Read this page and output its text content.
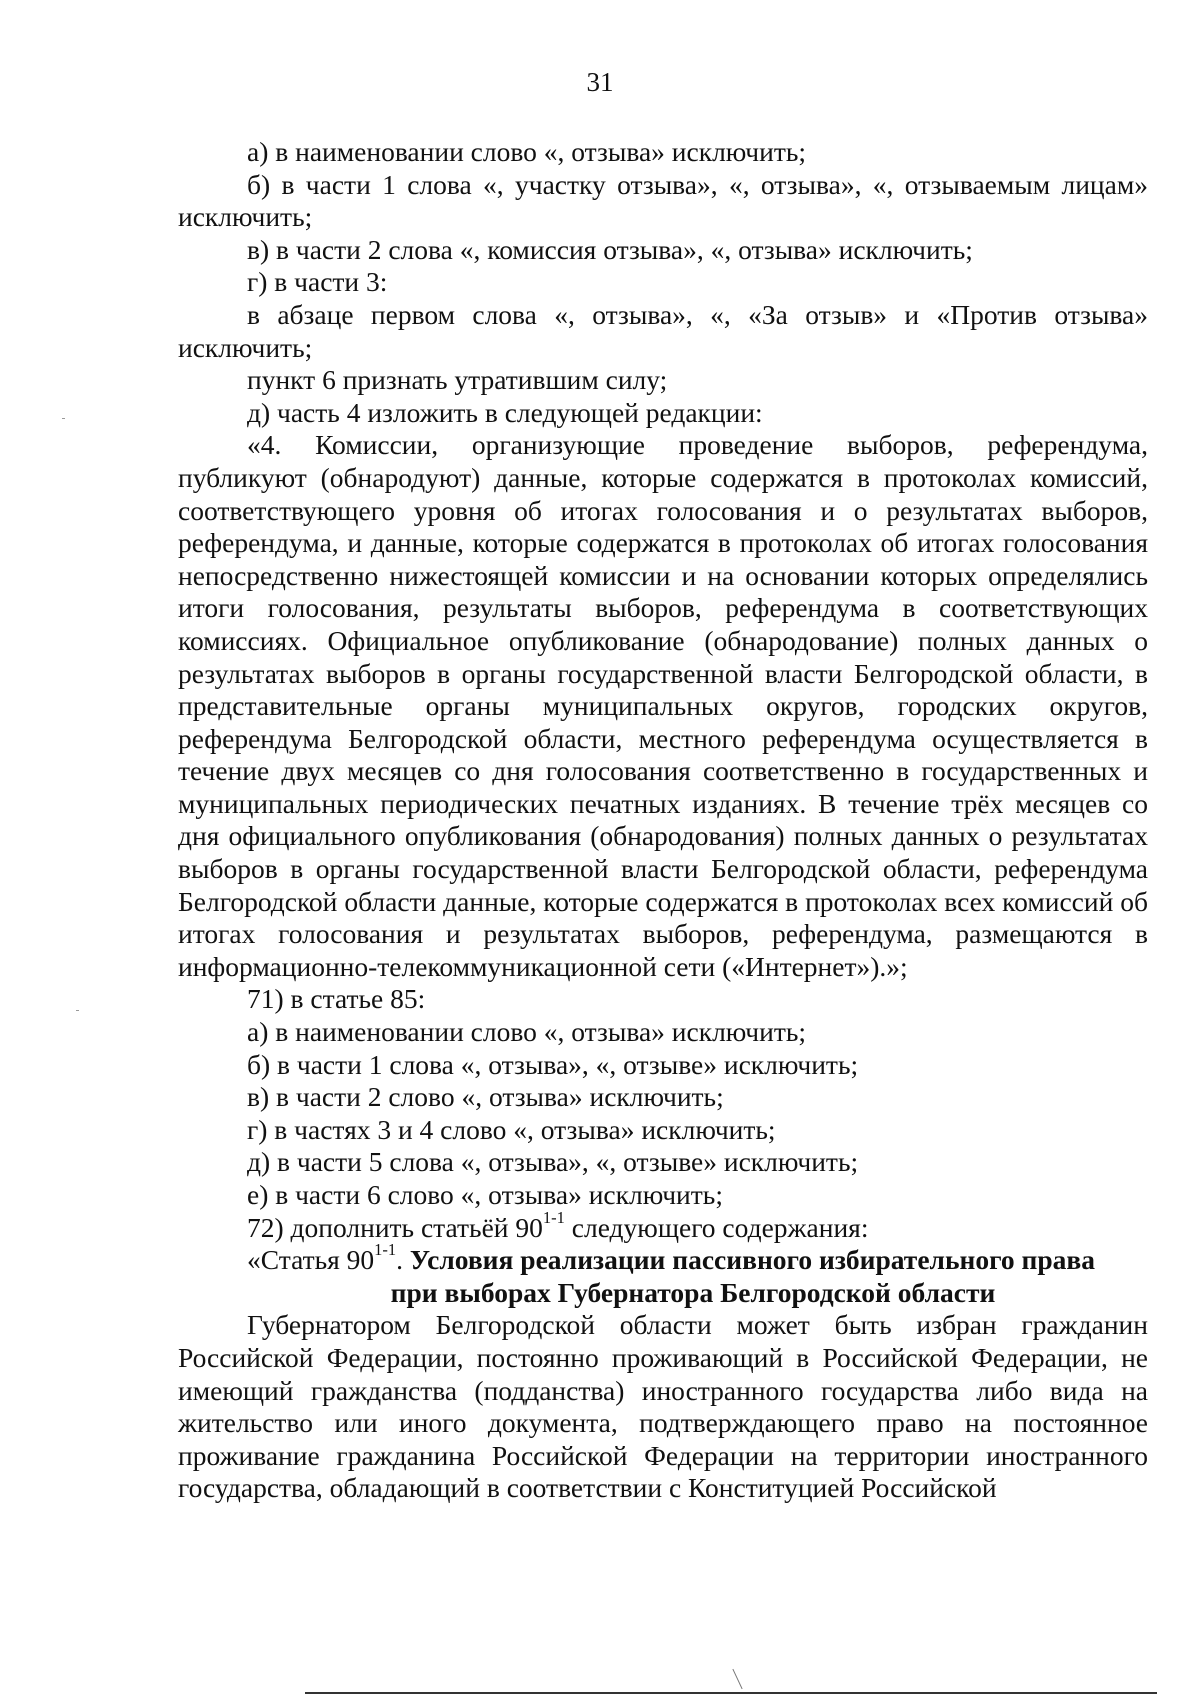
31

а) в наименовании слово «, отзыва» исключить;

б) в части 1 слова «, участку отзыва», «, отзыва», «, отзываемым лицам» исключить;

в) в части 2 слова «, комиссия отзыва», «, отзыва» исключить;

г) в части 3:

в абзаце первом слова «, отзыва», «, «За отзыв» и «Против отзыва» исключить;

пункт 6 признать утратившим силу;

д) часть 4 изложить в следующей редакции:

«4. Комиссии, организующие проведение выборов, референдума, публикуют (обнародуют) данные, которые содержатся в протоколах комиссий, соответствующего уровня об итогах голосования и о результатах выборов, референдума, и данные, которые содержатся в протоколах об итогах голосования непосредственно нижестоящей комиссии и на основании которых определялись итоги голосования, результаты выборов, референдума в соответствующих комиссиях. Официальное опубликование (обнародование) полных данных о результатах выборов в органы государственной власти Белгородской области, в представительные органы муниципальных округов, городских округов, референдума Белгородской области, местного референдума осуществляется в течение двух месяцев со дня голосования соответственно в государственных и муниципальных периодических печатных изданиях. В течение трёх месяцев со дня официального опубликования (обнародования) полных данных о результатах выборов в органы государственной власти Белгородской области, референдума Белгородской области данные, которые содержатся в протоколах всех комиссий об итогах голосования и результатах выборов, референдума, размещаются в информационно-телекоммуникационной сети («Интернет»).»;

71) в статье 85:

а) в наименовании слово «, отзыва» исключить;

б) в части 1 слова «, отзыва», «, отзыве» исключить;

в) в части 2 слово «, отзыва» исключить;

г) в частях 3 и 4 слово «, отзыва» исключить;

д) в части 5 слова «, отзыва», «, отзыве» исключить;

е) в части 6 слово «, отзыва» исключить;

72) дополнить статьёй 90$^{1-1}$ следующего содержания:

«Статья 90$^{1-1}$. Условия реализации пассивного избирательного права

при выборах Губернатора Белгородской области

Губернатором Белгородской области может быть избран гражданин Российской Федерации, постоянно проживающий в Российской Федерации, не имеющий гражданства (подданства) иностранного государства либо вида на жительство или иного документа, подтверждающего право на постоянное проживание гражданина Российской Федерации на территории иностранного государства, обладающий в соответствии с Конституцией Российской
